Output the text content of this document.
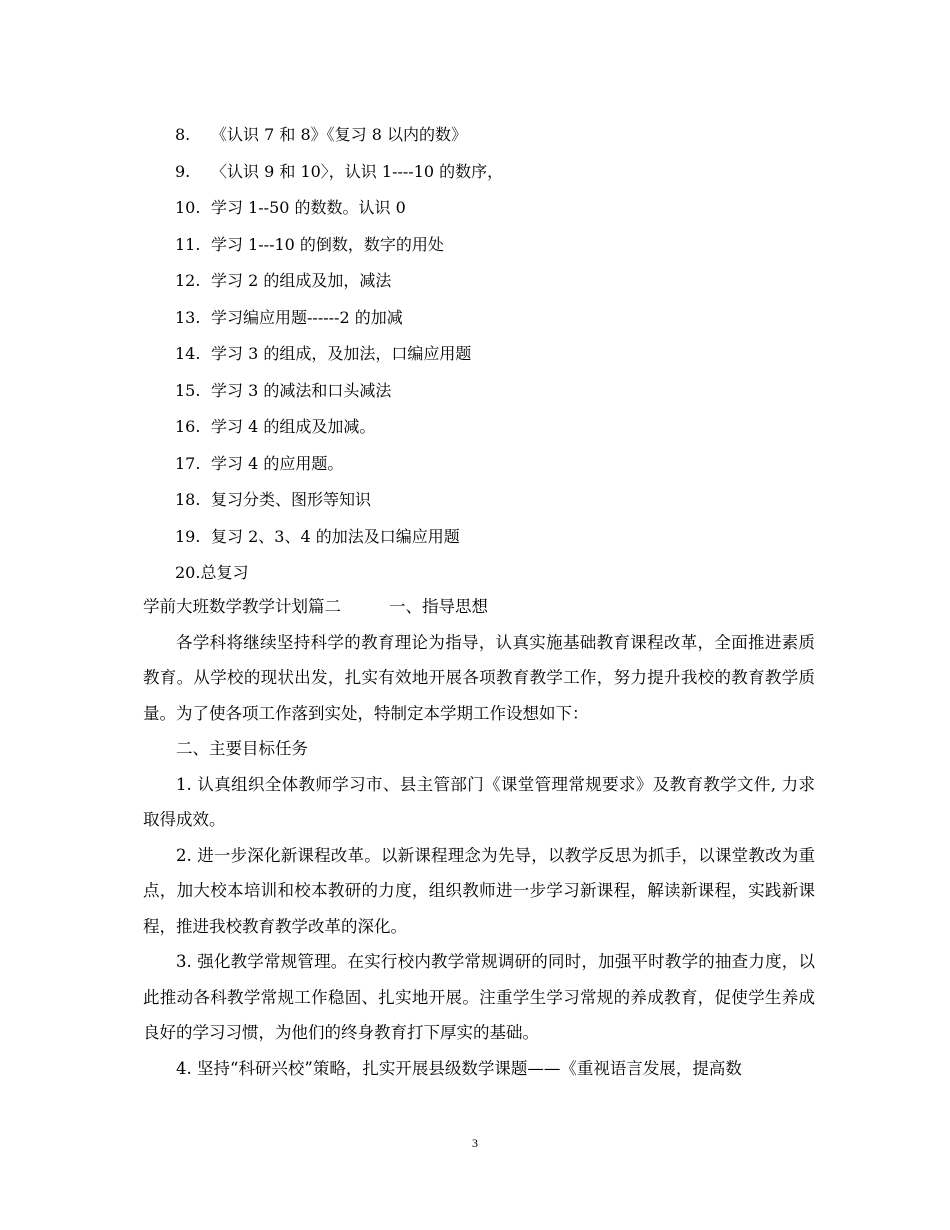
8. 《认识 7 和 8》《复习 8 以内的数》
9. 〈认识 9 和 10〉，认识 1----10 的数序，
10. 学习 1--50 的数数。认识 0
11. 学习 1---10 的倒数，数字的用处
12. 学习 2 的组成及加，减法
13. 学习编应用题------2 的加减
14. 学习 3 的组成，及加法，口编应用题
15. 学习 3 的减法和口头减法
16. 学习 4 的组成及加减。
17. 学习 4 的应用题。
18. 复习分类、图形等知识
19. 复习 2、3、4 的加法及口编应用题
20.总复习
学前大班数学教学计划篇二	一、指导思想

各学科将继续坚持科学的教育理论为指导，认真实施基础教育课程改革，全面推进素质教育。从学校的现状出发，扎实有效地开展各项教育教学工作，努力提升我校的教育教学质量。为了使各项工作落到实处，特制定本学期工作设想如下：

二、主要目标任务

1. 认真组织全体教师学习市、县主管部门《课堂管理常规要求》及教育教学文件, 力求取得成效。

2. 进一步深化新课程改革。以新课程理念为先导，以教学反思为抓手，以课堂教改为重点，加大校本培训和校本教研的力度，组织教师进一步学习新课程，解读新课程，实践新课程，推进我校教育教学改革的深化。

3. 强化教学常规管理。在实行校内教学常规调研的同时，加强平时教学的抽查力度，以此推动各科教学常规工作稳固、扎实地开展。注重学生学习常规的养成教育，促使学生养成良好的学习习惯，为他们的终身教育打下厚实的基础。

4. 坚持“科研兴校”策略，扎实开展县级数学课题——《重视语言发展，提高数

3
